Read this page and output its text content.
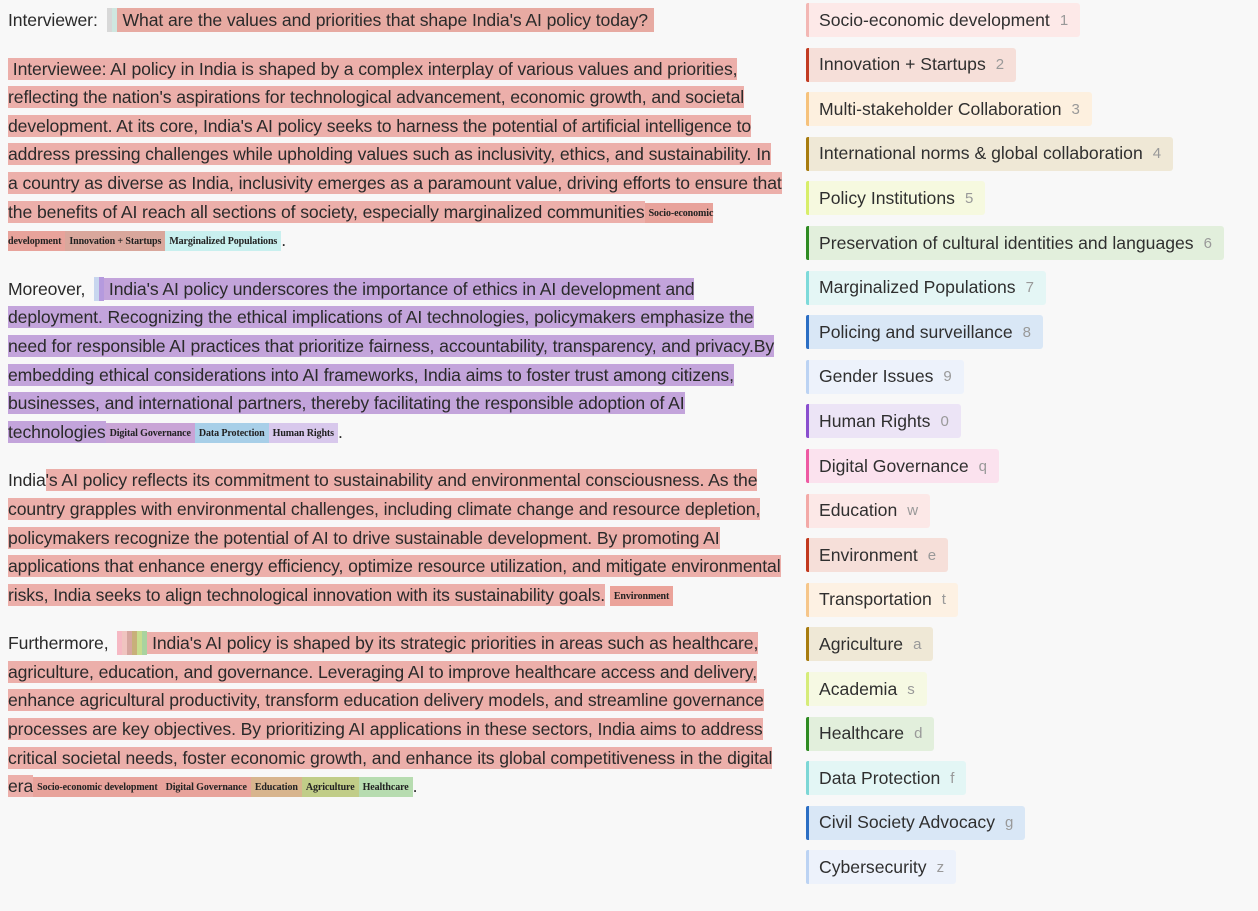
Interviewer: What are the values and priorities that shape India's AI policy today?

Interviewee: AI policy in India is shaped by a complex interplay of various values and priorities, reflecting the nation's aspirations for technological advancement, economic growth, and societal development. At its core, India's AI policy seeks to harness the potential of artificial intelligence to address pressing challenges while upholding values such as inclusivity, ethics, and sustainability. In a country as diverse as India, inclusivity emerges as a paramount value, driving efforts to ensure that the benefits of AI reach all sections of society, especially marginalized communities Socio-economic development Innovation + Startups Marginalized Populations .

Moreover, India's AI policy underscores the importance of ethics in AI development and deployment. Recognizing the ethical implications of AI technologies, policymakers emphasize the need for responsible AI practices that prioritize fairness, accountability, transparency, and privacy.By embedding ethical considerations into AI frameworks, India aims to foster trust among citizens, businesses, and international partners, thereby facilitating the responsible adoption of AI technologies Digital Governance Data Protection Human Rights .

India's AI policy reflects its commitment to sustainability and environmental consciousness. As the country grapples with environmental challenges, including climate change and resource depletion, policymakers recognize the potential of AI to drive sustainable development. By promoting AI applications that enhance energy efficiency, optimize resource utilization, and mitigate environmental risks, India seeks to align technological innovation with its sustainability goals. Environment

Furthermore, India's AI policy is shaped by its strategic priorities in areas such as healthcare, agriculture, education, and governance. Leveraging AI to improve healthcare access and delivery, enhance agricultural productivity, transform education delivery models, and streamline governance processes are key objectives. By prioritizing AI applications in these sectors, India aims to address critical societal needs, foster economic growth, and enhance its global competitiveness in the digital era Socio-economic development Digital Governance Education Agriculture Healthcare .

Socio-economic development 1
Innovation + Startups 2
Multi-stakeholder Collaboration 3
International norms & global collaboration 4
Policy Institutions 5
Preservation of cultural identities and languages 6
Marginalized Populations 7
Policing and surveillance 8
Gender Issues 9
Human Rights 0
Digital Governance q
Education w
Environment e
Transportation t
Agriculture a
Academia s
Healthcare d
Data Protection f
Civil Society Advocacy g
Cybersecurity z
